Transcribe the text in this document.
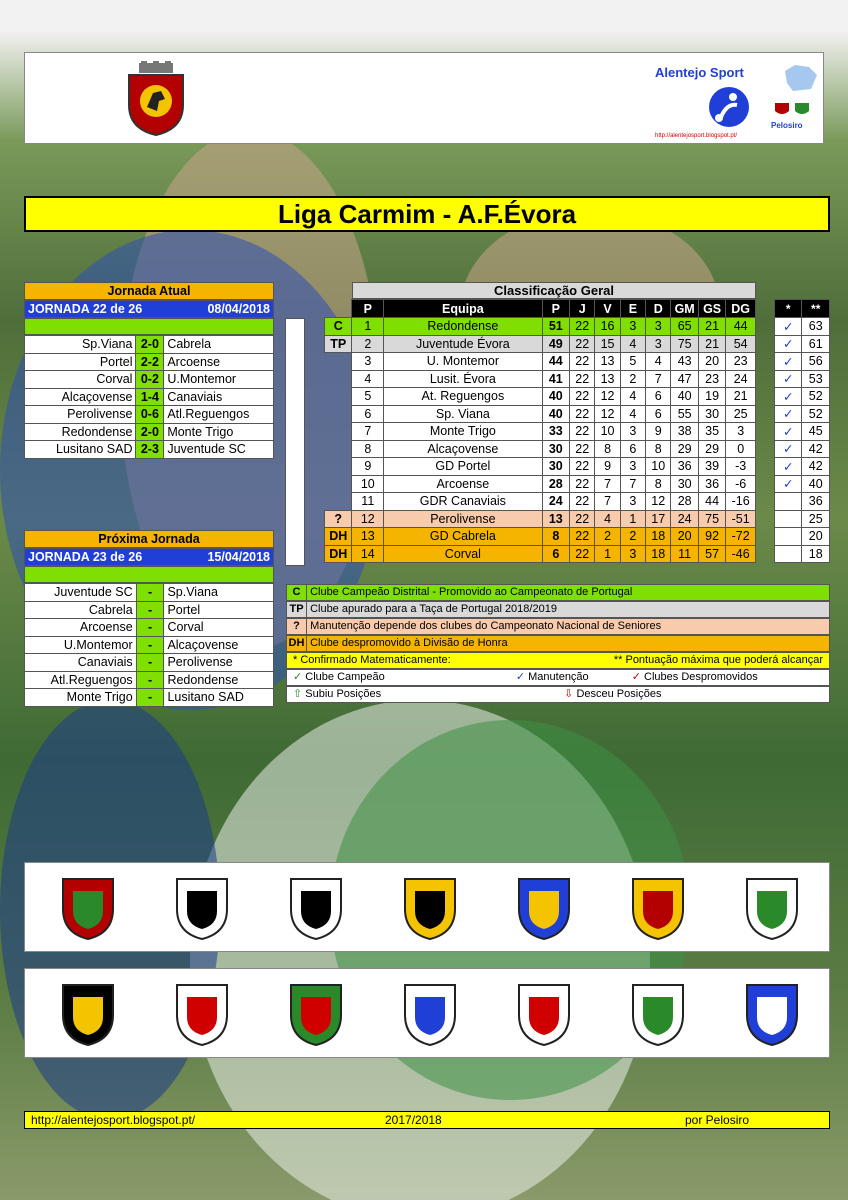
Alentejo Sport
http://alentejosport.blogspot.pt/
Pelosiro
Liga Carmim - A.F.Évora
Jornada Atual
JORNADA 22 de 26	08/04/2018
Sp.Viana	2-0	Cabrela
Portel	2-2	Arcoense
Corval	0-2	U.Montemor
Alcaçovense	1-4	Canaviais
Perolivense	0-6	Atl.Reguengos
Redondense	2-0	Monte Trigo
Lusitano SAD	2-3	Juventude SC
Próxima Jornada
JORNADA 23 de 26	15/04/2018
Juventude SC	-	Sp.Viana
Cabrela	-	Portel
Arcoense	-	Corval
U.Montemor	-	Alcaçovense
Canaviais	-	Perolivense
Atl.Reguengos	-	Redondense
Monte Trigo	-	Lusitano SAD
Classificação Geral
	P	Equipa	P	J	V	E	D	GM	GS	DG
C	1	Redondense	51	22	16	3	3	65	21	44
TP	2	Juventude Évora	49	22	15	4	3	75	21	54
	3	U. Montemor	44	22	13	5	4	43	20	23
	4	Lusit. Évora	41	22	13	2	7	47	23	24
	5	At. Reguengos	40	22	12	4	6	40	19	21
	6	Sp. Viana	40	22	12	4	6	55	30	25
	7	Monte Trigo	33	22	10	3	9	38	35	3
	8	Alcaçovense	30	22	8	6	8	29	29	0
	9	GD Portel	30	22	9	3	10	36	39	-3
	10	Arcoense	28	22	7	7	8	30	36	-6
	11	GDR Canaviais	24	22	7	3	12	28	44	-16
?	12	Perolivense	13	22	4	1	17	24	75	-51
DH	13	GD Cabrela	8	22	2	2	18	20	92	-72
DH	14	Corval	6	22	1	3	18	11	57	-46
*	**
✓	63
✓	61
✓	56
✓	53
✓	52
✓	52
✓	45
✓	42
✓	42
✓	40
	36
	25
	20
	18
C Clube Campeão Distrital - Promovido ao Campeonato de Portugal
TP Clube apurado para a Taça de Portugal 2018/2019
? Manutenção depende dos clubes do Campeonato Nacional de Seniores
DH Clube despromovido à Divisão de Honra
* Confirmado Matematicamente:	** Pontuação máxima que poderá alcançar
✓ Clube Campeão	✓ Manutenção	✓ Clubes Despromovidos
⇧ Subiu Posições	⇩ Desceu Posições
http://alentejosport.blogspot.pt/	2017/2018	por Pelosiro
